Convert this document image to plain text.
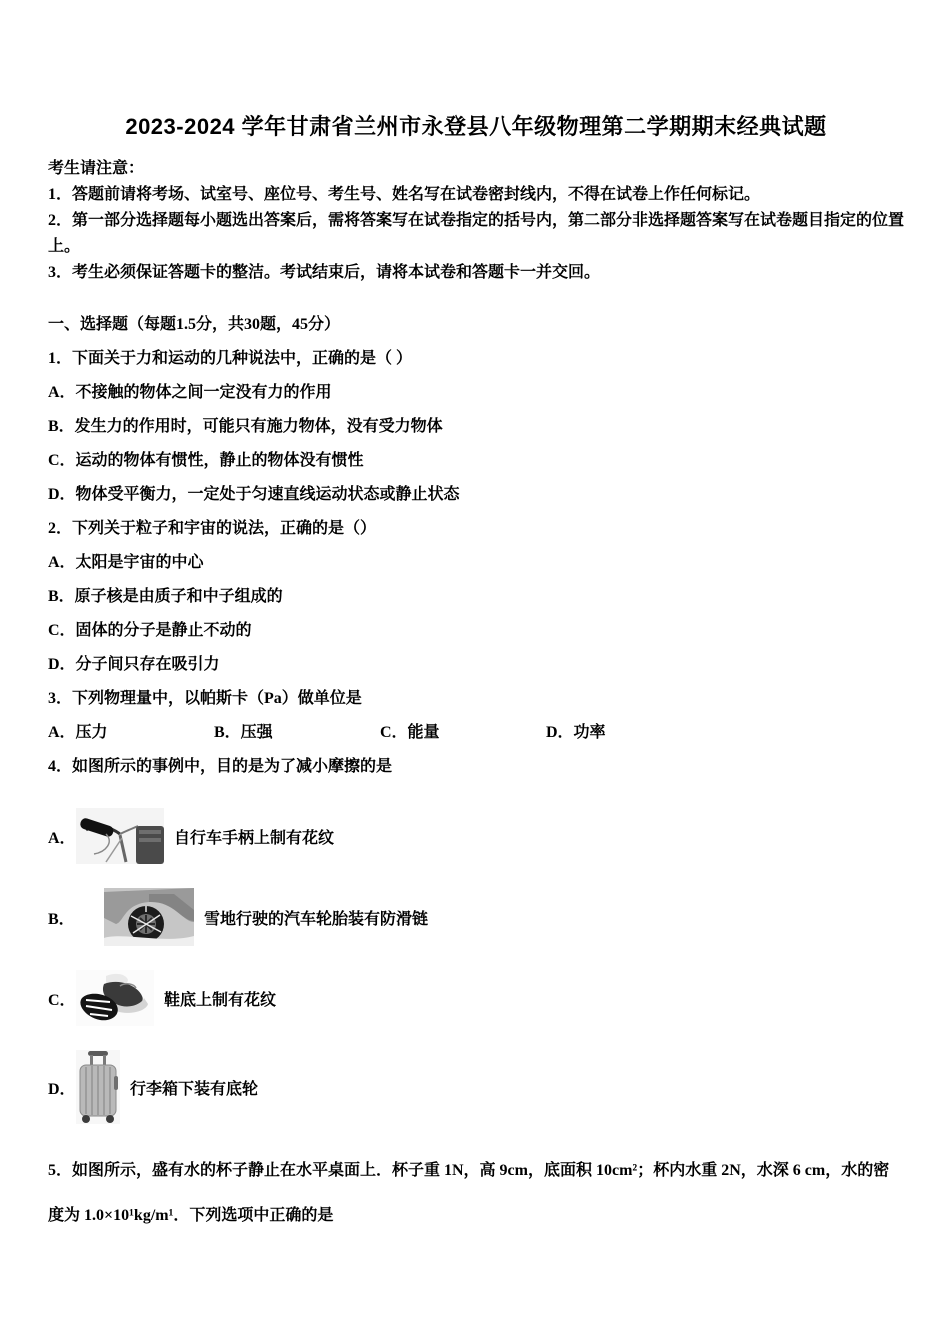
2023-2024 学年甘肃省兰州市永登县八年级物理第二学期期末经典试题
考生请注意：
1．答题前请将考场、试室号、座位号、考生号、姓名写在试卷密封线内，不得在试卷上作任何标记。
2．第一部分选择题每小题选出答案后，需将答案写在试卷指定的括号内，第二部分非选择题答案写在试卷题目指定的位置上。
3．考生必须保证答题卡的整洁。考试结束后，请将本试卷和答题卡一并交回。
一、选择题（每题1.5分，共30题，45分）
1．下面关于力和运动的几种说法中，正确的是（ ）
A．不接触的物体之间一定没有力的作用
B．发生力的作用时，可能只有施力物体，没有受力物体
C．运动的物体有惯性，静止的物体没有惯性
D．物体受平衡力，一定处于匀速直线运动状态或静止状态
2．下列关于粒子和宇宙的说法，正确的是（）
A．太阳是宇宙的中心
B．原子核是由质子和中子组成的
C．固体的分子是静止不动的
D．分子间只存在吸引力
3．下列物理量中，以帕斯卡（Pa）做单位是
A．压力	B．压强	C．能量	D．功率
4．如图所示的事例中，目的是为了减小摩擦的是
A．	自行车手柄上制有花纹
B．	雪地行驶的汽车轮胎装有防滑链
C．	鞋底上制有花纹
D．	行李箱下装有底轮
5．如图所示，盛有水的杯子静止在水平桌面上．杯子重 1N，高 9cm，底面积 10cm²；杯内水重 2N，水深 6 cm，水的密度为 1.0×10¹kg/m¹．下列选项中正确的是
